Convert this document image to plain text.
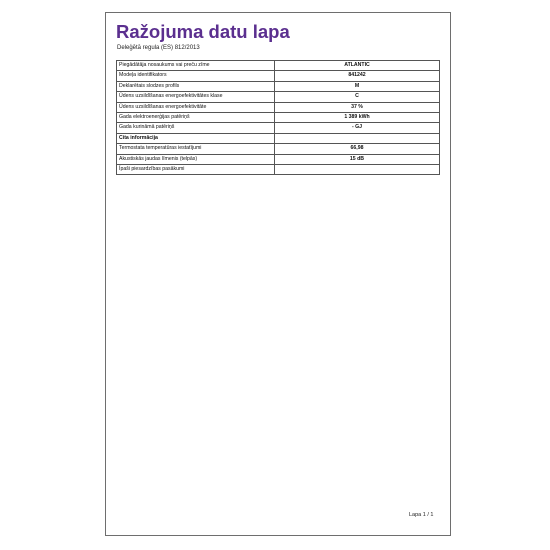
Ražojuma datu lapa
Deleģētā regula (ES) 812/2013
Piegādātāja nosaukums vai preču zīme	ATLANTIC
Modeļa identifikators	841242
Deklarētais slodzes profils	M
Ūdens uzsildīšanas energoefektivitātes klase	C
Ūdens uzsildīšanas energoefektivitāte	37 %
Gada elektroenerģijas patēriņš	1 389 kWh
Gada kurināmā patēriņš	- GJ
Cita informācija	
Termostata temperatūras iestatījumi	66,98
Akustiskās jaudas līmenis (telpās)	15 dB
Īpaši piesardzības pasākumi	
Lapa 1 / 1
